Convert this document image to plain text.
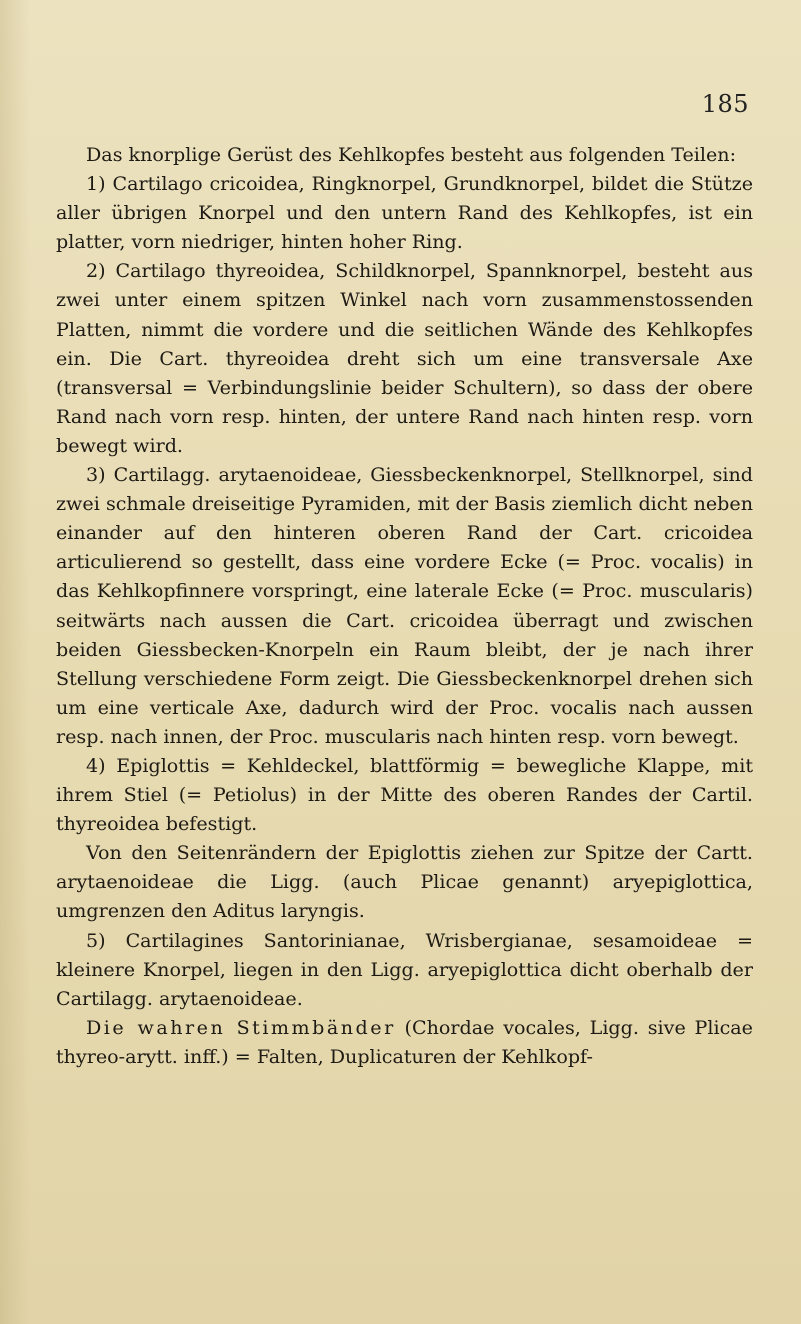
185

Das knorplige Gerüst des Kehlkopfes besteht aus folgenden Teilen:

1) Cartilago cricoidea, Ringknorpel, Grundknorpel, bildet die Stütze aller übrigen Knorpel und den untern Rand des Kehlkopfes, ist ein platter, vorn niedriger, hinten hoher Ring.

2) Cartilago thyreoidea, Schildknorpel, Spannknorpel, besteht aus zwei unter einem spitzen Winkel nach vorn zusammenstossenden Platten, nimmt die vordere und die seitlichen Wände des Kehlkopfes ein. Die Cart. thyreoidea dreht sich um eine transversale Axe (transversal = Verbindungslinie beider Schultern), so dass der obere Rand nach vorn resp. hinten, der untere Rand nach hinten resp. vorn bewegt wird.

3) Cartilagg. arytaenoideae, Giessbeckenknorpel, Stellknorpel, sind zwei schmale dreiseitige Pyramiden, mit der Basis ziemlich dicht neben einander auf den hinteren oberen Rand der Cart. cricoidea articulierend so gestellt, dass eine vordere Ecke (= Proc. vocalis) in das Kehlkopfinnere vorspringt, eine laterale Ecke (= Proc. muscularis) seitwärts nach aussen die Cart. cricoidea überragt und zwischen beiden Giessbecken-Knorpeln ein Raum bleibt, der je nach ihrer Stellung verschiedene Form zeigt. Die Giessbeckenknorpel drehen sich um eine verticale Axe, dadurch wird der Proc. vocalis nach aussen resp. nach innen, der Proc. muscularis nach hinten resp. vorn bewegt.

4) Epiglottis = Kehldeckel, blattförmig = bewegliche Klappe, mit ihrem Stiel (= Petiolus) in der Mitte des oberen Randes der Cartil. thyreoidea befestigt.

Von den Seitenrändern der Epiglottis ziehen zur Spitze der Cartt. arytaenoideae die Ligg. (auch Plicae genannt) aryepiglottica, umgrenzen den Aditus laryngis.

5) Cartilagines Santorinianae, Wrisbergianae, sesamoideae = kleinere Knorpel, liegen in den Ligg. aryepiglottica dicht oberhalb der Cartilagg. arytaenoideae.

Die wahren Stimmbänder (Chordae vocales, Ligg. sive Plicae thyreo-arytt. inff.) = Falten, Duplicaturen der Kehlkopf-
